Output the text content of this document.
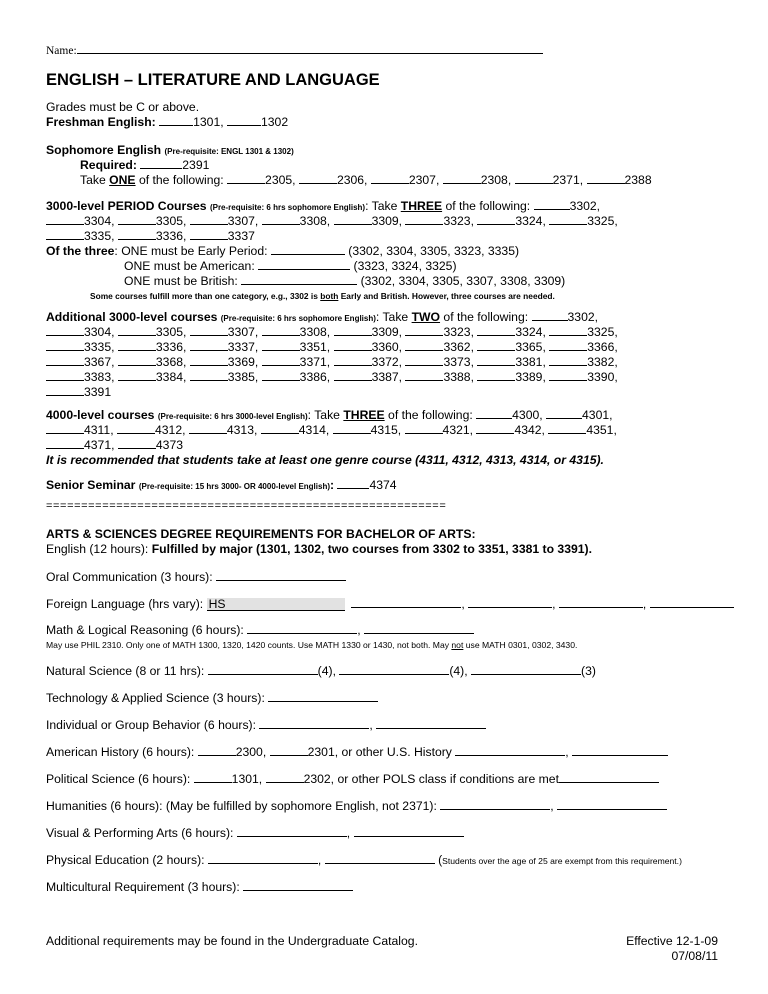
Name:
ENGLISH – LITERATURE AND LANGUAGE
Grades must be C or above.
Freshman English:	1301,	1302
Sophomore English (Pre-requisite: ENGL 1301 & 1302)
Required:	2391
Take ONE of the following:	2305,	2306,	2307,	2308,	2371,	2388
3000-level PERIOD Courses (Pre-requisite: 6 hrs sophomore English): Take THREE of the following:	3302,
3304,	3305,	3307,	3308,	3309,	3323,	3324,	3325,
3335,	3336,	3337
Of the three: ONE must be Early Period:	(3302, 3304, 3305, 3323, 3335)
ONE must be American:	(3323, 3324, 3325)
ONE must be British:	(3302, 3304, 3305, 3307, 3308, 3309)
Some courses fulfill more than one category, e.g., 3302 is both Early and British. However, three courses are needed.
Additional 3000-level courses (Pre-requisite: 6 hrs sophomore English): Take TWO of the following:	3302,
3304,	3305,	3307,	3308,	3309,	3323,	3324,	3325,
3335,	3336,	3337,	3351,	3360,	3362,	3365,	3366,
3367,	3368,	3369,	3371,	3372,	3373,	3381,	3382,
3383,	3384,	3385,	3386,	3387,	3388,	3389,	3390,
3391
4000-level courses (Pre-requisite: 6 hrs 3000-level English): Take THREE of the following:	4300,	4301,
4311,	4312,	4313,	4314,	4315,	4321,	4342,	4351,
4371,	4373
It is recommended that students take at least one genre course (4311, 4312, 4313, 4314, or 4315).
Senior Seminar (Pre-requisite: 15 hrs 3000- OR 4000-level English):	4374
=========================================================
ARTS & SCIENCES DEGREE REQUIREMENTS FOR BACHELOR OF ARTS:
English (12 hours): Fulfilled by major (1301, 1302, two courses from 3302 to 3351, 3381 to 3391).
Oral Communication (3 hours):
Foreign Language (hrs vary): HS	,	,	,
Math & Logical Reasoning (6 hours):	,
May use PHIL 2310. Only one of MATH 1300, 1320, 1420 counts. Use MATH 1330 or 1430, not both. May not use MATH 0301, 0302, 3430.
Natural Science (8 or 11 hrs):	(4),	(4),	(3)
Technology & Applied Science (3 hours):
Individual or Group Behavior (6 hours):	,
American History (6 hours):	2300,	2301, or other U.S. History	,
Political Science (6 hours):	1301,	2302, or other POLS class if conditions are met
Humanities (6 hours): (May be fulfilled by sophomore English, not 2371):	,
Visual & Performing Arts (6 hours):	,
Physical Education (2 hours):	,	(Students over the age of 25 are exempt from this requirement.)
Multicultural Requirement (3 hours):
Additional requirements may be found in the Undergraduate Catalog.	Effective 12-1-09
07/08/11
